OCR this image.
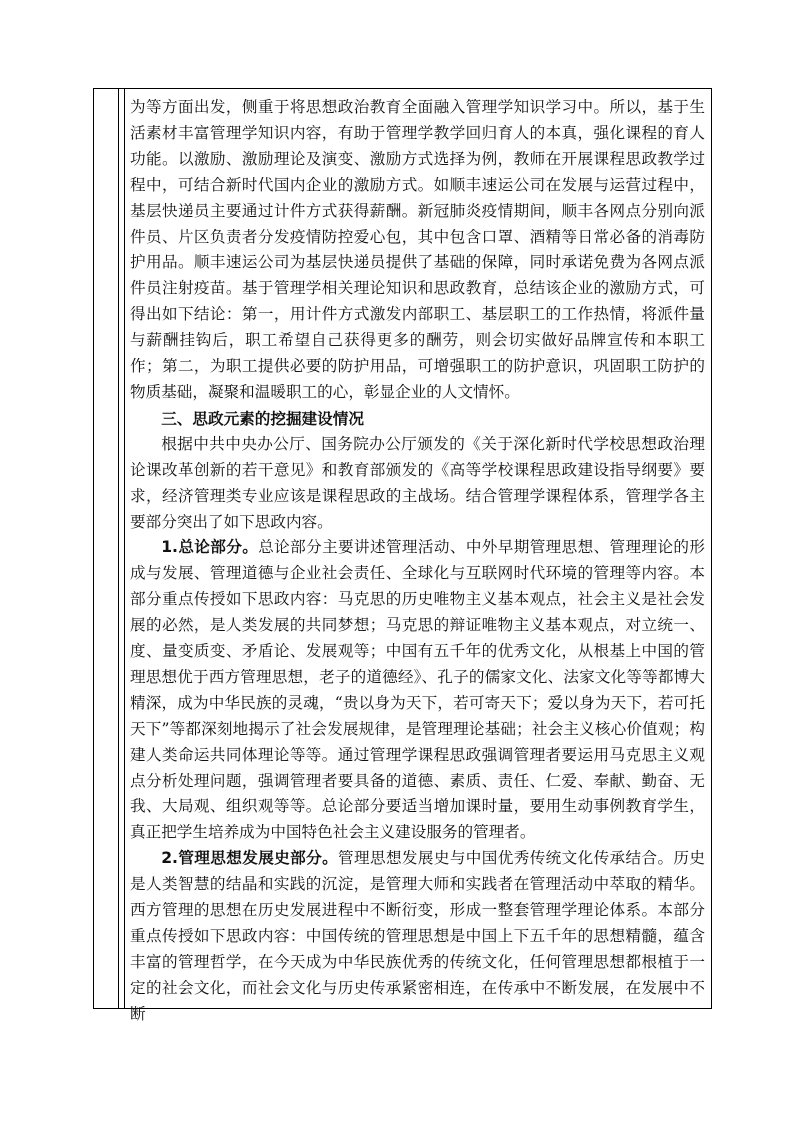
为等方面出发，侧重于将思想政治教育全面融入管理学知识学习中。所以，基于生活素材丰富管理学知识内容，有助于管理学教学回归育人的本真，强化课程的育人功能。以激励、激励理论及演变、激励方式选择为例，教师在开展课程思政教学过程中，可结合新时代国内企业的激励方式。如顺丰速运公司在发展与运营过程中，基层快递员主要通过计件方式获得薪酬。新冠肺炎疫情期间，顺丰各网点分别向派件员、片区负责者分发疫情防控爱心包，其中包含口罩、酒精等日常必备的消毒防护用品。顺丰速运公司为基层快递员提供了基础的保障，同时承诺免费为各网点派件员注射疫苗。基于管理学相关理论知识和思政教育，总结该企业的激励方式，可得出如下结论：第一，用计件方式激发内部职工、基层职工的工作热情，将派件量与薪酬挂钩后，职工希望自己获得更多的酬劳，则会切实做好品牌宣传和本职工作；第二，为职工提供必要的防护用品，可增强职工的防护意识，巩固职工防护的物质基础，凝聚和温暖职工的心，彰显企业的人文情怀。

三、思政元素的挖掘建设情况

根据中共中央办公厅、国务院办公厅颁发的《关于深化新时代学校思想政治理论课改革创新的若干意见》和教育部颁发的《高等学校课程思政建设指导纲要》要求，经济管理类专业应该是课程思政的主战场。结合管理学课程体系，管理学各主要部分突出了如下思政内容。

1.总论部分。总论部分主要讲述管理活动、中外早期管理思想、管理理论的形成与发展、管理道德与企业社会责任、全球化与互联网时代环境的管理等内容。本部分重点传授如下思政内容：马克思的历史唯物主义基本观点，社会主义是社会发展的必然，是人类发展的共同梦想；马克思的辩证唯物主义基本观点，对立统一、度、量变质变、矛盾论、发展观等；中国有五千年的优秀文化，从根基上中国的管理思想优于西方管理思想，老子的道德经》、孔子的儒家文化、法家文化等等都博大精深，成为中华民族的灵魂，“贵以身为天下，若可寄天下；爱以身为天下，若可托天下”等都深刻地揭示了社会发展规律，是管理理论基础；社会主义核心价值观；构建人类命运共同体理论等等。通过管理学课程思政强调管理者要运用马克思主义观点分析处理问题，强调管理者要具备的道德、素质、责任、仁爱、奉献、勤奋、无我、大局观、组织观等等。总论部分要适当增加课时量，要用生动事例教育学生，真正把学生培养成为中国特色社会主义建设服务的管理者。

2.管理思想发展史部分。管理思想发展史与中国优秀传统文化传承结合。历史是人类智慧的结晶和实践的沉淀，是管理大师和实践者在管理活动中萃取的精华。西方管理的思想在历史发展进程中不断衍变，形成一整套管理学理论体系。本部分重点传授如下思政内容：中国传统的管理思想是中国上下五千年的思想精髓，蕴含丰富的管理哲学，在今天成为中华民族优秀的传统文化，任何管理思想都根植于一定的社会文化，而社会文化与历史传承紧密相连，在传承中不断发展，在发展中不断
